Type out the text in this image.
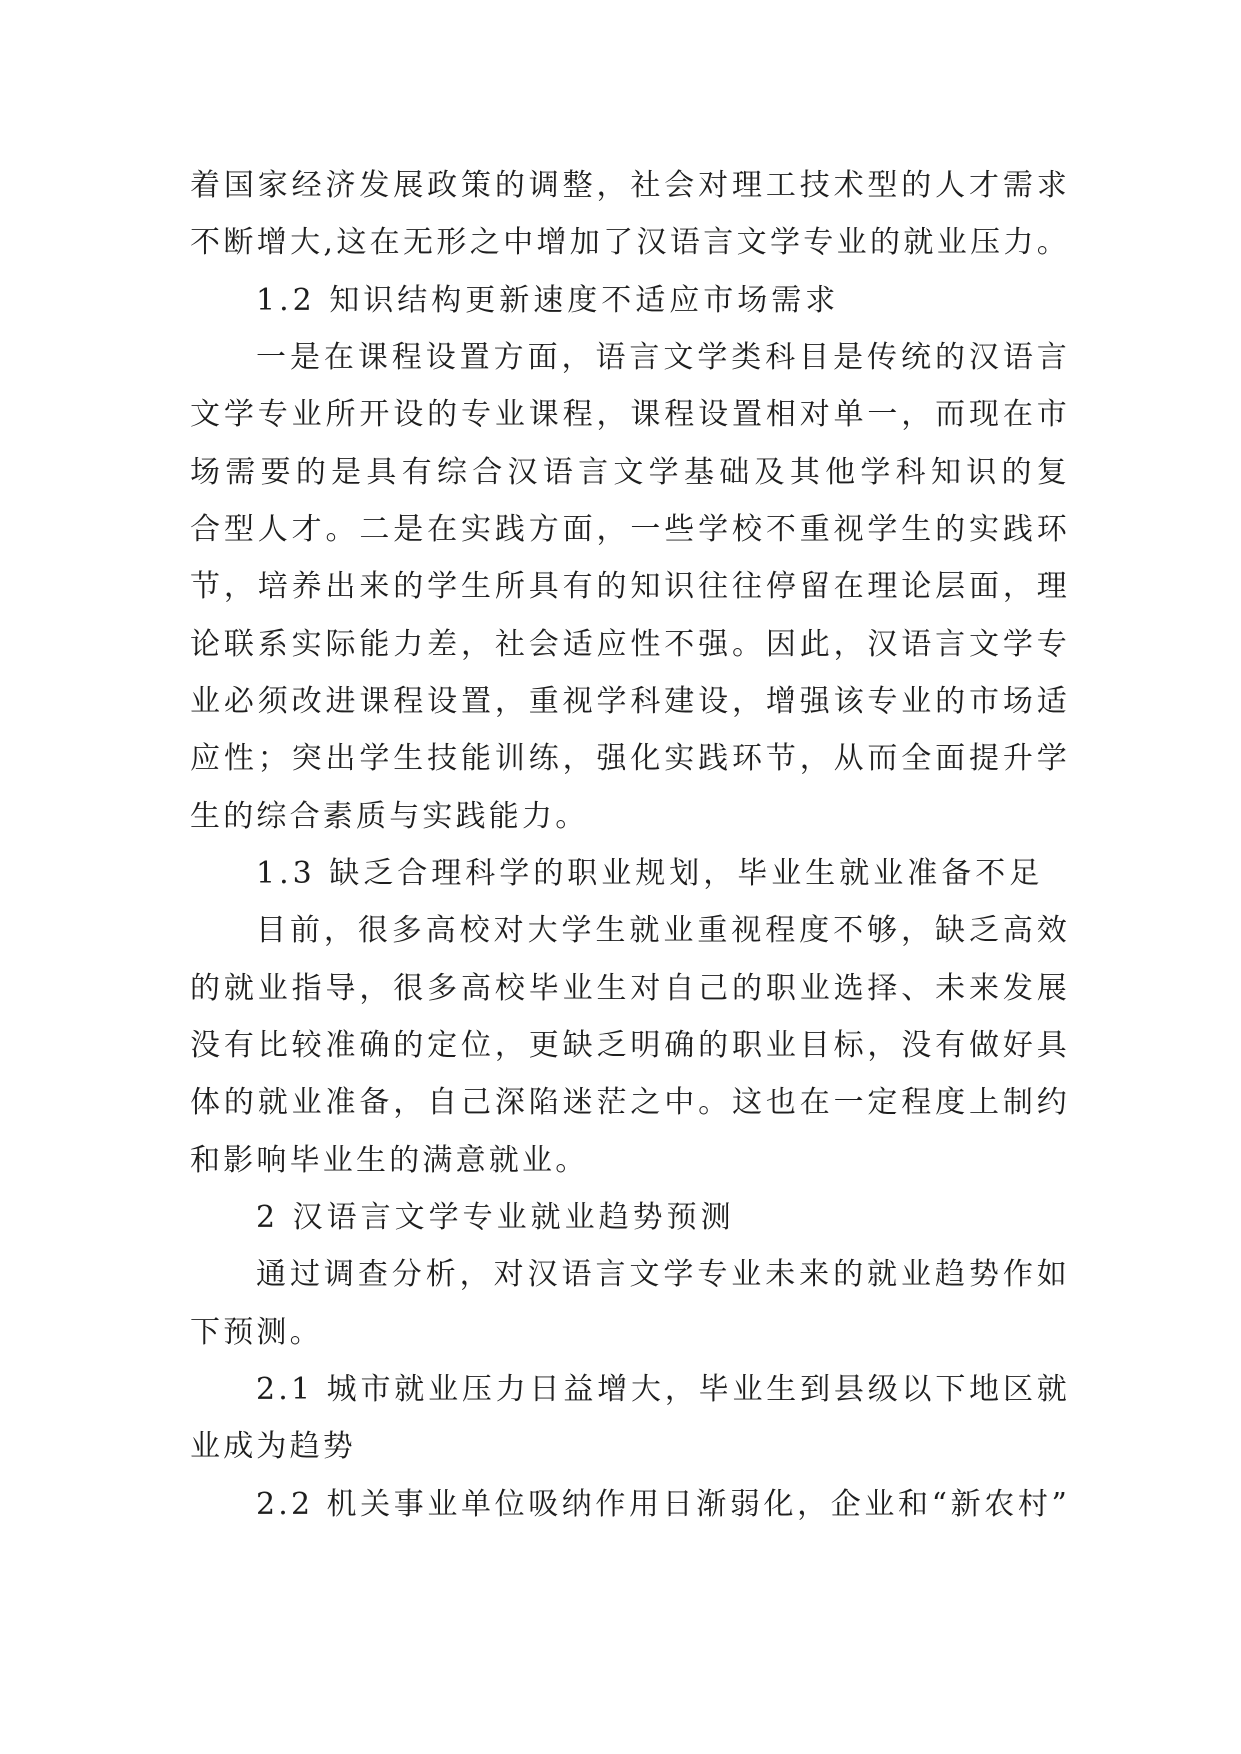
着国家经济发展政策的调整，社会对理工技术型的人才需求
不断增大,这在无形之中增加了汉语言文学专业的就业压力。
1.2 知识结构更新速度不适应市场需求
一是在课程设置方面，语言文学类科目是传统的汉语言
文学专业所开设的专业课程，课程设置相对单一，而现在市
场需要的是具有综合汉语言文学基础及其他学科知识的复
合型人才。二是在实践方面，一些学校不重视学生的实践环
节，培养出来的学生所具有的知识往往停留在理论层面，理
论联系实际能力差，社会适应性不强。因此，汉语言文学专
业必须改进课程设置，重视学科建设，增强该专业的市场适
应性；突出学生技能训练，强化实践环节，从而全面提升学
生的综合素质与实践能力。
1.3 缺乏合理科学的职业规划，毕业生就业准备不足
目前，很多高校对大学生就业重视程度不够，缺乏高效
的就业指导，很多高校毕业生对自己的职业选择、未来发展
没有比较准确的定位，更缺乏明确的职业目标，没有做好具
体的就业准备，自己深陷迷茫之中。这也在一定程度上制约
和影响毕业生的满意就业。
2 汉语言文学专业就业趋势预测
通过调查分析，对汉语言文学专业未来的就业趋势作如
下预测。
2.1 城市就业压力日益增大，毕业生到县级以下地区就
业成为趋势
2.2 机关事业单位吸纳作用日渐弱化，企业和“新农村”
